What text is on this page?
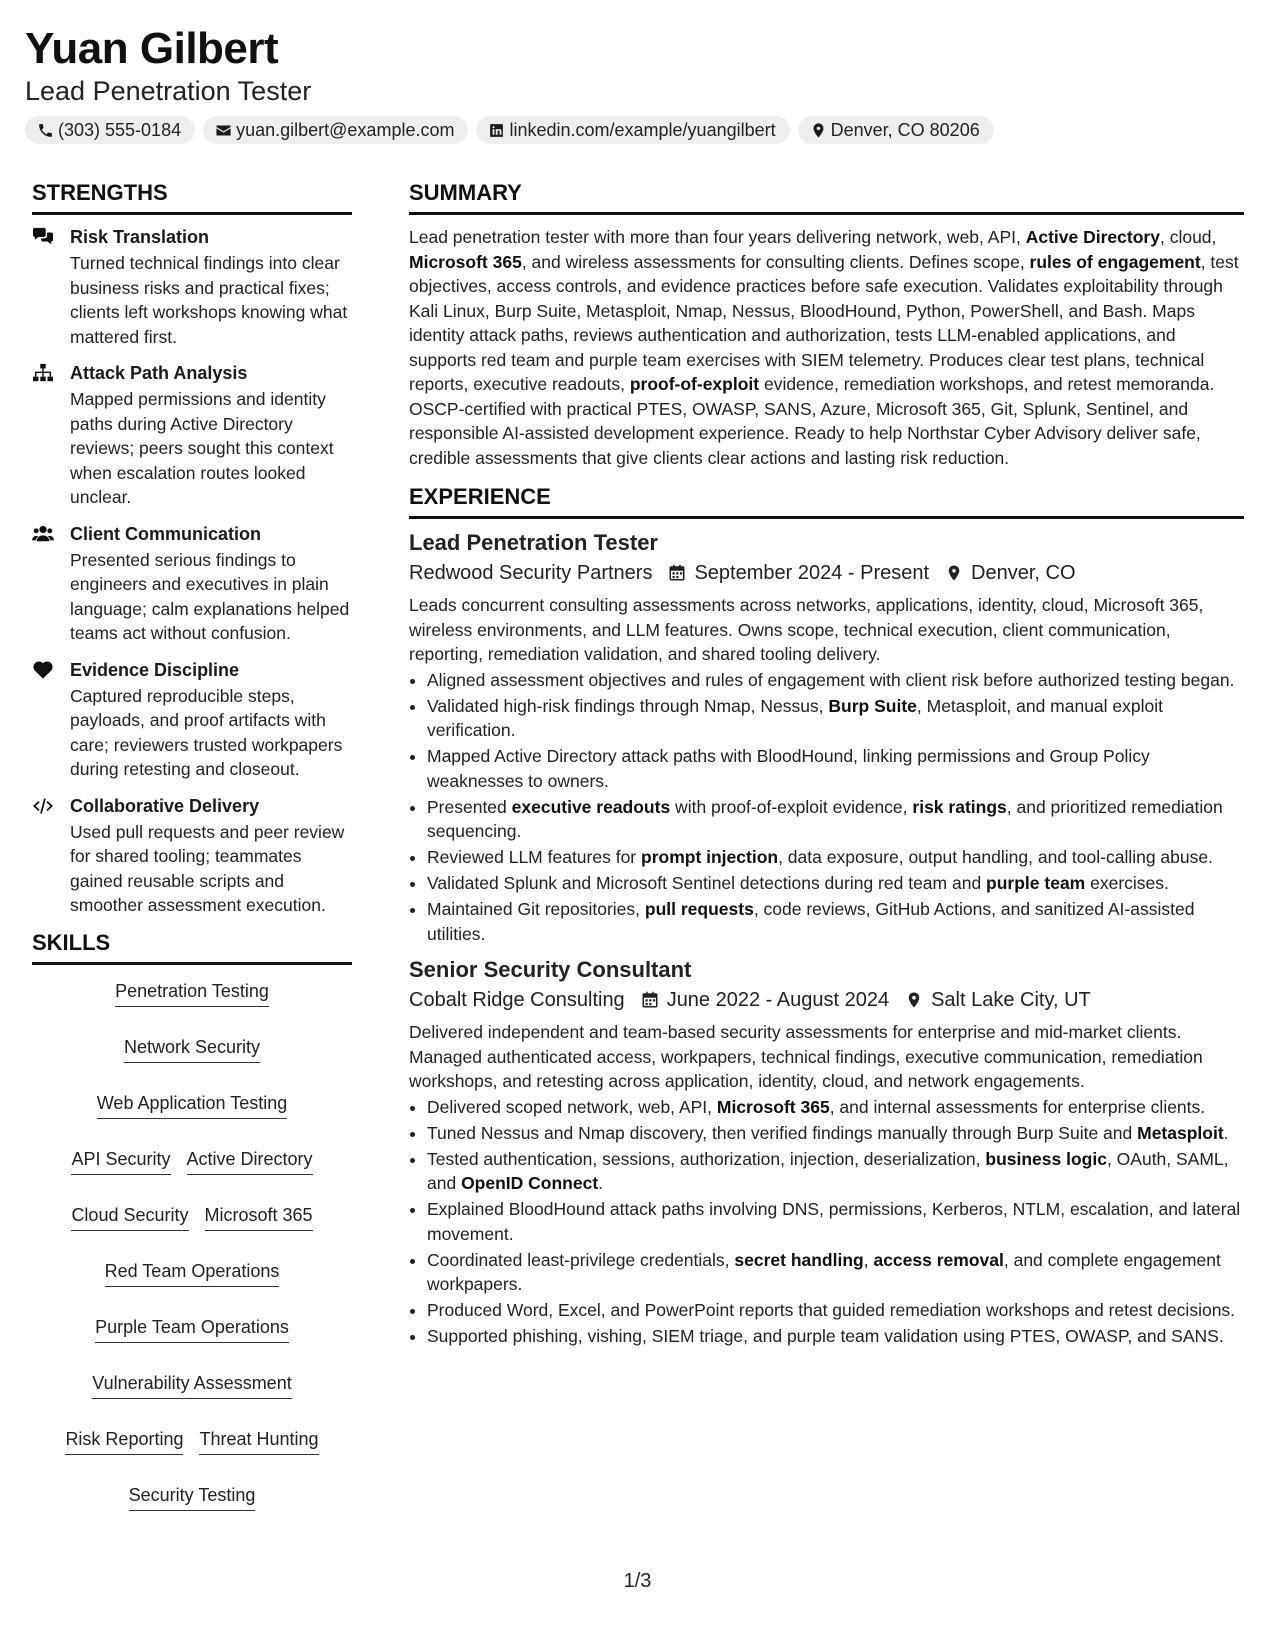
Yuan Gilbert
Lead Penetration Tester
(303) 555-0184	yuan.gilbert@example.com	linkedin.com/example/yuangilbert	Denver, CO 80206
STRENGTHS
Risk Translation
Turned technical findings into clear business risks and practical fixes; clients left workshops knowing what mattered first.
Attack Path Analysis
Mapped permissions and identity paths during Active Directory reviews; peers sought this context when escalation routes looked unclear.
Client Communication
Presented serious findings to engineers and executives in plain language; calm explanations helped teams act without confusion.
Evidence Discipline
Captured reproducible steps, payloads, and proof artifacts with care; reviewers trusted workpapers during retesting and closeout.
Collaborative Delivery
Used pull requests and peer review for shared tooling; teammates gained reusable scripts and smoother assessment execution.
SKILLS
Penetration Testing
Network Security
Web Application Testing
API Security Active Directory
Cloud Security Microsoft 365
Red Team Operations
Purple Team Operations
Vulnerability Assessment
Risk Reporting Threat Hunting
Security Testing
SUMMARY
Lead penetration tester with more than four years delivering network, web, API, Active Directory, cloud, Microsoft 365, and wireless assessments for consulting clients. Defines scope, rules of engagement, test objectives, access controls, and evidence practices before safe execution. Validates exploitability through Kali Linux, Burp Suite, Metasploit, Nmap, Nessus, BloodHound, Python, PowerShell, and Bash. Maps identity attack paths, reviews authentication and authorization, tests LLM-enabled applications, and supports red team and purple team exercises with SIEM telemetry. Produces clear test plans, technical reports, executive readouts, proof-of-exploit evidence, remediation workshops, and retest memoranda. OSCP-certified with practical PTES, OWASP, SANS, Azure, Microsoft 365, Git, Splunk, Sentinel, and responsible AI-assisted development experience. Ready to help Northstar Cyber Advisory deliver safe, credible assessments that give clients clear actions and lasting risk reduction.
EXPERIENCE
Lead Penetration Tester
Redwood Security Partners September 2024 - Present Denver, CO
Leads concurrent consulting assessments across networks, applications, identity, cloud, Microsoft 365, wireless environments, and LLM features. Owns scope, technical execution, client communication, reporting, remediation validation, and shared tooling delivery.
• Aligned assessment objectives and rules of engagement with client risk before authorized testing began.
• Validated high-risk findings through Nmap, Nessus, Burp Suite, Metasploit, and manual exploit verification.
• Mapped Active Directory attack paths with BloodHound, linking permissions and Group Policy weaknesses to owners.
• Presented executive readouts with proof-of-exploit evidence, risk ratings, and prioritized remediation sequencing.
• Reviewed LLM features for prompt injection, data exposure, output handling, and tool-calling abuse.
• Validated Splunk and Microsoft Sentinel detections during red team and purple team exercises.
• Maintained Git repositories, pull requests, code reviews, GitHub Actions, and sanitized AI-assisted utilities.
Senior Security Consultant
Cobalt Ridge Consulting June 2022 - August 2024 Salt Lake City, UT
Delivered independent and team-based security assessments for enterprise and mid-market clients. Managed authenticated access, workpapers, technical findings, executive communication, remediation workshops, and retesting across application, identity, cloud, and network engagements.
• Delivered scoped network, web, API, Microsoft 365, and internal assessments for enterprise clients.
• Tuned Nessus and Nmap discovery, then verified findings manually through Burp Suite and Metasploit.
• Tested authentication, sessions, authorization, injection, deserialization, business logic, OAuth, SAML, and OpenID Connect.
• Explained BloodHound attack paths involving DNS, permissions, Kerberos, NTLM, escalation, and lateral movement.
• Coordinated least-privilege credentials, secret handling, access removal, and complete engagement workpapers.
• Produced Word, Excel, and PowerPoint reports that guided remediation workshops and retest decisions.
• Supported phishing, vishing, SIEM triage, and purple team validation using PTES, OWASP, and SANS.
1/3
